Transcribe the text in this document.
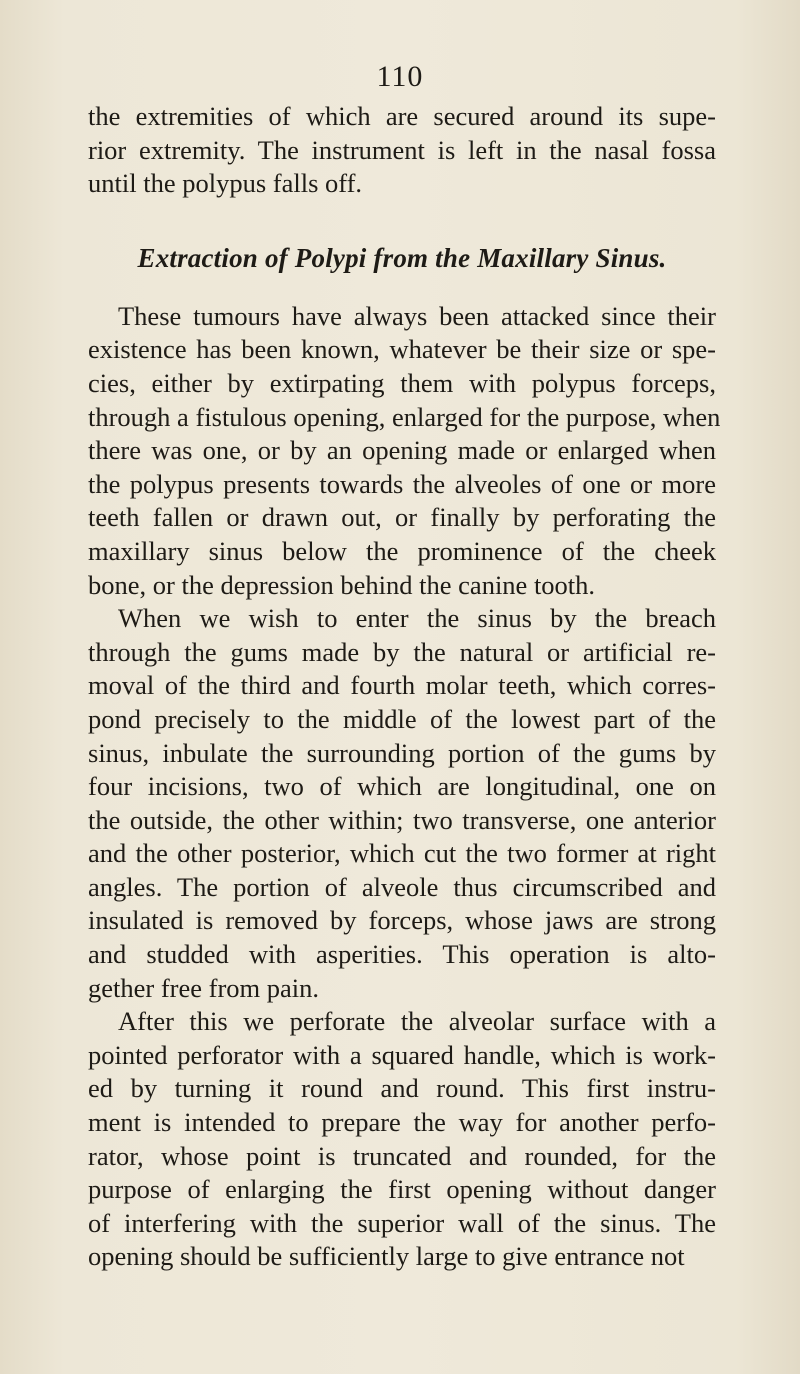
110

the extremities of which are secured around its supe-
rior extremity. The instrument is left in the nasal fossa
until the polypus falls off.

Extraction of Polypi from the Maxillary Sinus.

These tumours have always been attacked since their
existence has been known, whatever be their size or spe-
cies, either by extirpating them with polypus forceps,
through a fistulous opening, enlarged for the purpose, when
there was one, or by an opening made or enlarged when
the polypus presents towards the alveoles of one or more
teeth fallen or drawn out, or finally by perforating the
maxillary sinus below the prominence of the cheek
bone, or the depression behind the canine tooth.

When we wish to enter the sinus by the breach
through the gums made by the natural or artificial re-
moval of the third and fourth molar teeth, which corres-
pond precisely to the middle of the lowest part of the
sinus, inbulate the surrounding portion of the gums by
four incisions, two of which are longitudinal, one on
the outside, the other within; two transverse, one anterior
and the other posterior, which cut the two former at right
angles. The portion of alveole thus circumscribed and
insulated is removed by forceps, whose jaws are strong
and studded with asperities. This operation is alto-
gether free from pain.

After this we perforate the alveolar surface with a
pointed perforator with a squared handle, which is work-
ed by turning it round and round. This first instru-
ment is intended to prepare the way for another perfo-
rator, whose point is truncated and rounded, for the
purpose of enlarging the first opening without danger
of interfering with the superior wall of the sinus. The
opening should be sufficiently large to give entrance not
